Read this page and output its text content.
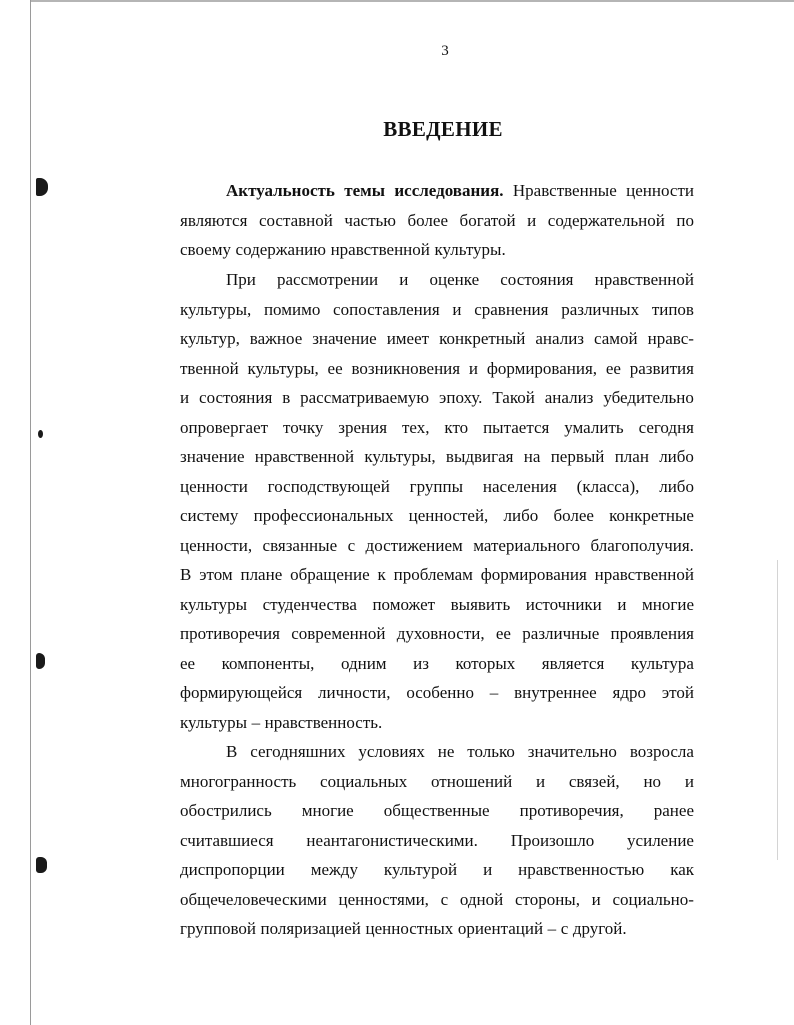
3
ВВЕДЕНИЕ
Актуальность темы исследования. Нравственные ценности
являются составной частью более богатой и содержательной по
своему содержанию нравственной культуры.
При рассмотрении и оценке состояния нравственной
культуры, помимо сопоставления и сравнения различных типов
культур, важное значение имеет конкретный анализ самой нравс-
твенной культуры, ее возникновения и формирования, ее развития
и состояния в рассматриваемую эпоху. Такой анализ убедительно
опровергает точку зрения тех, кто пытается умалить сегодня
значение нравственной культуры, выдвигая на первый план либо
ценности господствующей группы населения (класса), либо
систему профессиональных ценностей, либо более конкретные
ценности, связанные с достижением материального благополучия.
В этом плане обращение к проблемам формирования нравственной
культуры студенчества поможет выявить источники и многие
противоречия современной духовности, ее различные проявления
ее компоненты, одним из которых является культура
формирующейся личности, особенно – внутреннее ядро этой
культуры – нравственность.
В сегодняшних условиях не только значительно возросла
многогранность социальных отношений и связей, но и
обострились многие общественные противоречия, ранее
считавшиеся неантагонистическими. Произошло усиление
диспропорции между культурой и нравственностью как
общечеловеческими ценностями, с одной стороны, и социально-
групповой поляризацией ценностных ориентаций – с другой.
